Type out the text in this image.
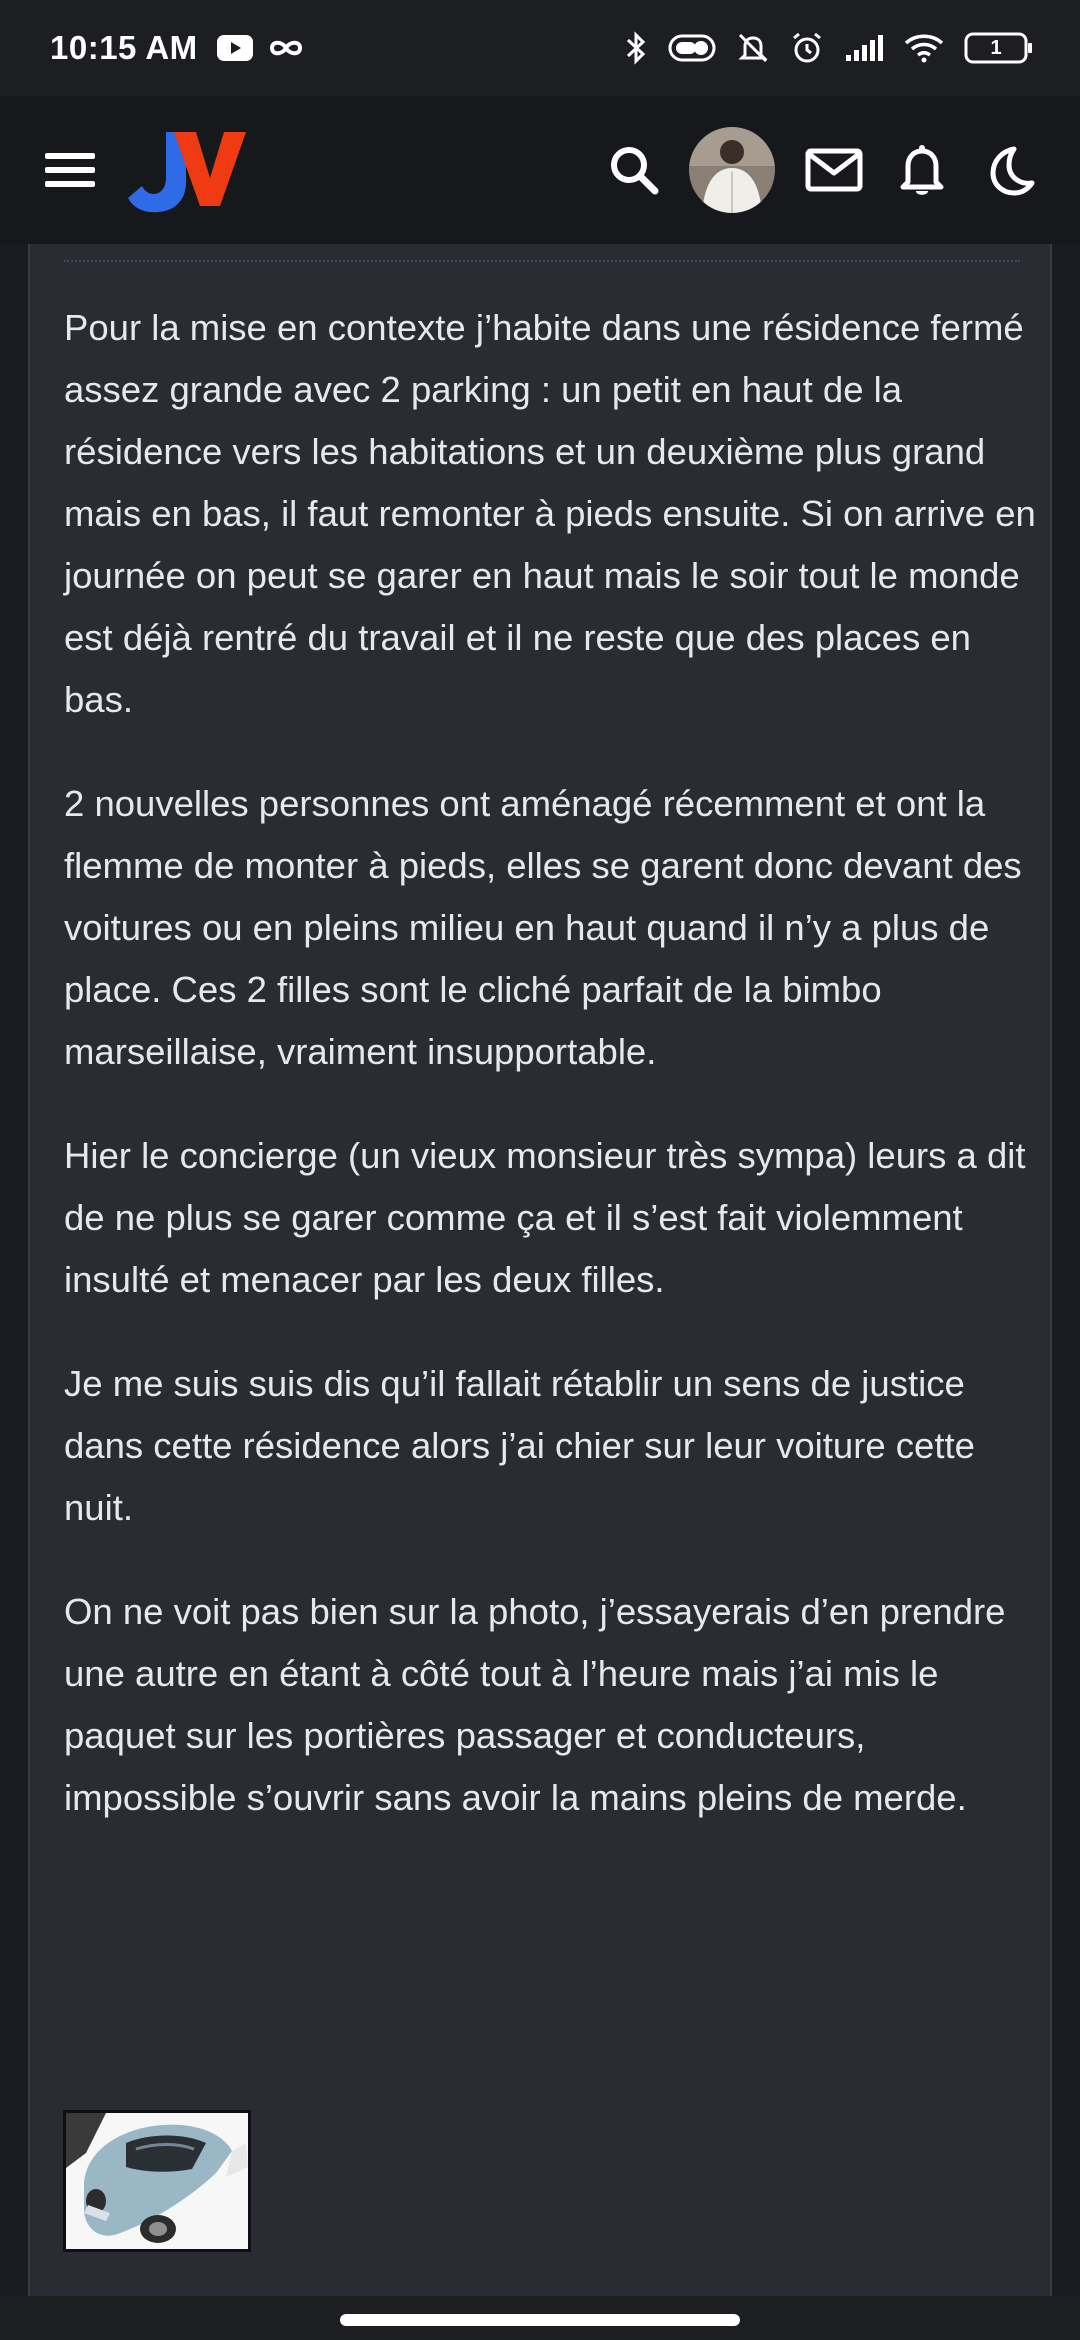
10:15 AM	1

Pour la mise en contexte j’habite dans une résidence fermé assez grande avec 2 parking : un petit en haut de la résidence vers les habitations et un deuxième plus grand mais en bas, il faut remonter à pieds ensuite. Si on arrive en journée on peut se garer en haut mais le soir tout le monde est déjà rentré du travail et il ne reste que des places en bas.

2 nouvelles personnes ont aménagé récemment et ont la flemme de monter à pieds, elles se garent donc devant des voitures ou en pleins milieu en haut quand il n’y a plus de place. Ces 2 filles sont le cliché parfait de la bimbo marseillaise, vraiment insupportable.

Hier le concierge (un vieux monsieur très sympa) leurs a dit de ne plus se garer comme ça et il s’est fait violemment insulté et menacer par les deux filles.

Je me suis suis dis qu’il fallait rétablir un sens de justice dans cette résidence alors j’ai chier sur leur voiture cette nuit.

On ne voit pas bien sur la photo, j’essayerais d’en prendre une autre en étant à côté tout à l’heure mais j’ai mis le paquet sur les portières passager et conducteurs, impossible s’ouvrir sans avoir la mains pleins de merde.
